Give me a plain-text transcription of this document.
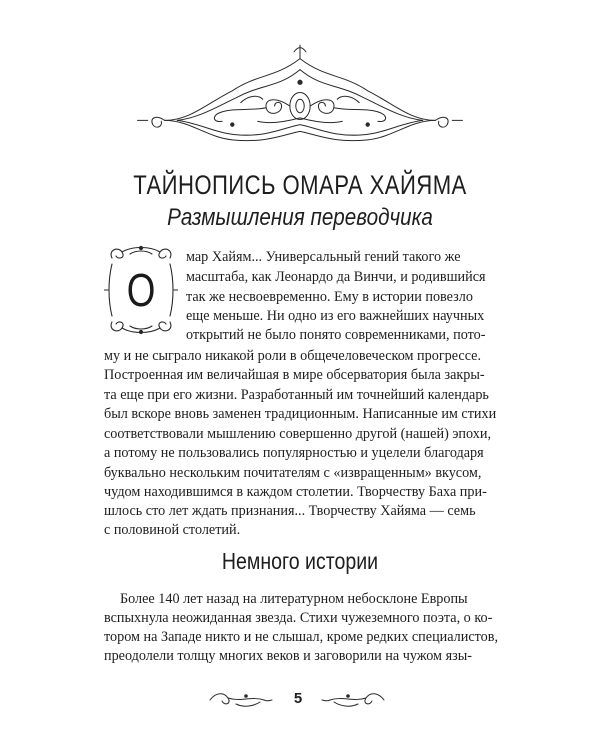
ТАЙНОПИСЬ ОМАРА ХАЙЯМА
Размышления переводчика
О
Немного истории

Более 140 лет назад на литературном небосклоне Европы

вспыхнула неожиданная звезда. Стихи чужеземного поэта, о ко-

тором на Западе никто и не слышал, кроме редких специалистов,

преодолели толщу многих веков и заговорили на чужом язы-

5

мар Хайям... Универсальный гений такого же

масштаба, как Леонардо да Винчи, и родившийся

так же несвоевременно. Ему в истории повезло

еще меньше. Ни одно из его важнейших научных

открытий не было понято современниками, пото-

му и не сыграло никакой роли в общечеловеческом прогрессе.

Построенная им величайшая в мире обсерватория была закры-

та еще при его жизни. Разработанный им точнейший календарь

был вскоре вновь заменен традиционным. Написанные им стихи

соответствовали мышлению совершенно другой (нашей) эпохи,

а потому не пользовались популярностью и уцелели благодаря

буквально нескольким почитателям с «извращенным» вкусом,

чудом находившимся в каждом столетии. Творчеству Баха при-

шлось сто лет ждать признания... Творчеству Хайяма — семь

с половиной столетий.
